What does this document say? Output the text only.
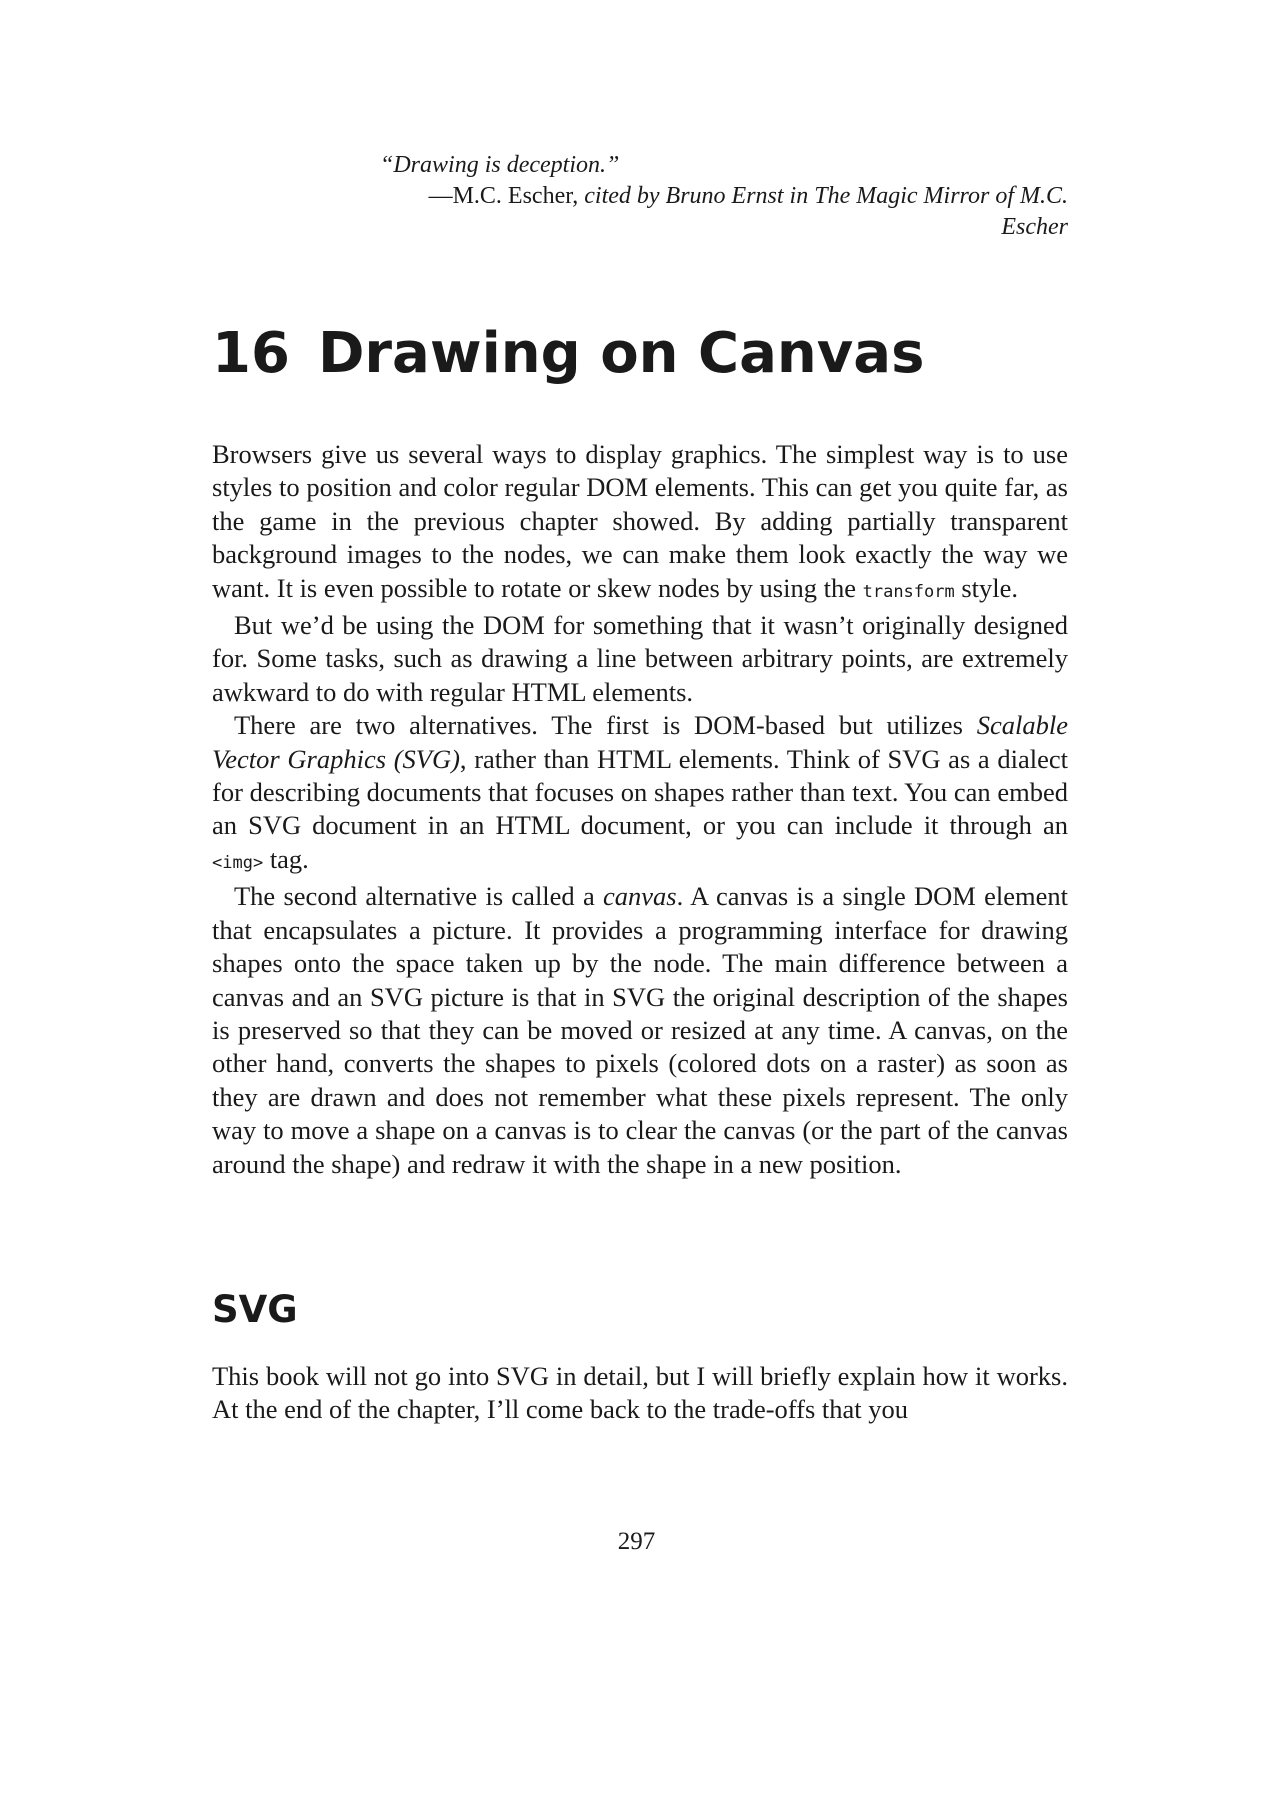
“Drawing is deception.”
—M.C. Escher, cited by Bruno Ernst in The Magic Mirror of M.C. Escher
16 Drawing on Canvas

Browsers give us several ways to display graphics. The simplest way is to use styles to position and color regular DOM elements. This can get you quite far, as the game in the previous chapter showed. By adding partially transparent background images to the nodes, we can make them look exactly the way we want. It is even possible to rotate or skew nodes by using the transform style.

But we’d be using the DOM for something that it wasn’t originally designed for. Some tasks, such as drawing a line between arbitrary points, are extremely awkward to do with regular HTML elements.

There are two alternatives. The first is DOM-based but utilizes Scalable Vector Graphics (SVG), rather than HTML elements. Think of SVG as a dialect for describing documents that focuses on shapes rather than text. You can embed an SVG document in an HTML document, or you can include it through an <img> tag.

The second alternative is called a canvas. A canvas is a single DOM element that encapsulates a picture. It provides a programming interface for drawing shapes onto the space taken up by the node. The main difference between a canvas and an SVG picture is that in SVG the original description of the shapes is preserved so that they can be moved or resized at any time. A canvas, on the other hand, converts the shapes to pixels (colored dots on a raster) as soon as they are drawn and does not remember what these pixels represent. The only way to move a shape on a canvas is to clear the canvas (or the part of the canvas around the shape) and redraw it with the shape in a new position.

SVG

This book will not go into SVG in detail, but I will briefly explain how it works. At the end of the chapter, I’ll come back to the trade-offs that you

297
